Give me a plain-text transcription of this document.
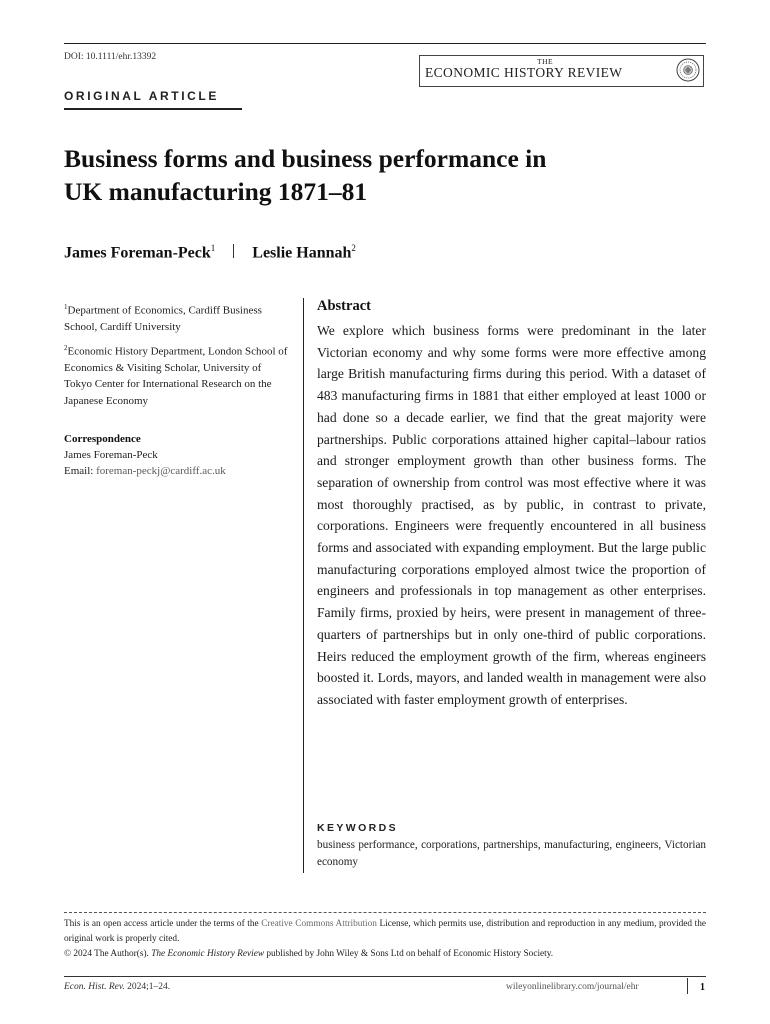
DOI: 10.1111/ehr.13392	THE
ECONOMIC HISTORY REVIEW
ORIGINAL ARTICLE
Business forms and business performance in
UK manufacturing 1871–81
James Foreman-Peck$^1$ Leslie Hannah$^2$

$^1$Department of Economics, Cardiff Business School, Cardiff University

$^2$Economic History Department, London School of Economics & Visiting Scholar, University of Tokyo Center for International Research on the Japanese Economy

Correspondence
James Foreman-Peck
Email: foreman-peckj@cardiff.ac.uk
Abstract
We explore which business forms were predominant in the later Victorian economy and why some forms were more effective among large British manufacturing firms during this period. With a dataset of 483 manufacturing firms in 1881 that either employed at least 1000 or had done so a decade earlier, we find that the great majority were partnerships. Public corporations attained higher capital–labour ratios and stronger employment growth than other business forms. The separation of ownership from control was most effective where it was most thoroughly practised, as by public, in contrast to private, corporations. Engineers were frequently encountered in all business forms and associated with expanding employment. But the large public manufacturing corporations employed almost twice the proportion of engineers and professionals in top management as other enterprises. Family firms, proxied by heirs, were present in management of three-quarters of partnerships but in only one-third of public corporations. Heirs reduced the employment growth of the firm, whereas engineers boosted it. Lords, mayors, and landed wealth in management were also associated with faster employment growth of enterprises.
KEYWORDS
business performance, corporations, partnerships, manufacturing, engineers, Victorian economy

This is an open access article under the terms of the Creative Commons Attribution License, which permits use, distribution and reproduction in any medium, provided the original work is properly cited.

© 2024 The Author(s). The Economic History Review published by John Wiley & Sons Ltd on behalf of Economic History Society.

Econ. Hist. Rev. 2024;1–24.	wileyonlinelibrary.com/journal/ehr	1
